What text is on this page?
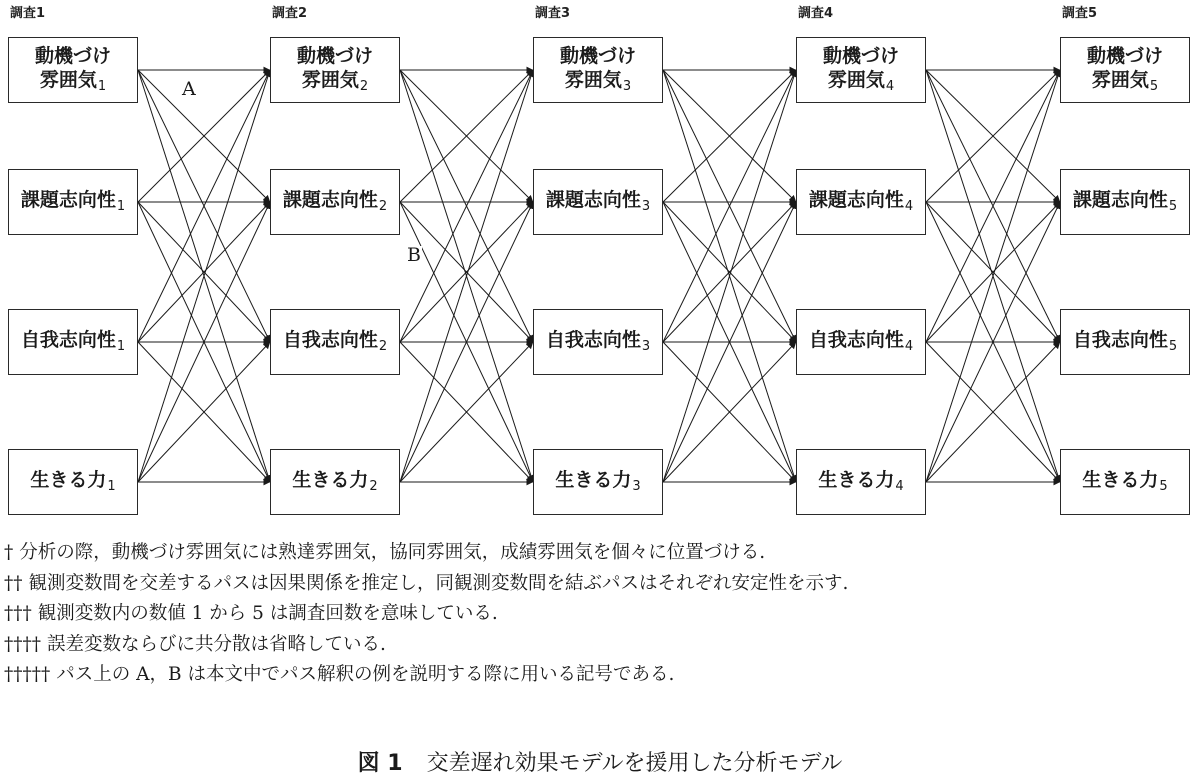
調査1	調査2	調査3	調査4	調査5
動機づけ
雰囲気$_1$
課題志向性$_1$
自我志向性$_1$
生きる力$_1$
動機づけ
雰囲気$_2$
課題志向性$_2$
自我志向性$_2$
生きる力$_2$
動機づけ
雰囲気$_3$
課題志向性$_3$
自我志向性$_3$
生きる力$_3$
動機づけ
雰囲気$_4$
課題志向性$_4$
自我志向性$_4$
生きる力$_4$
動機づけ
雰囲気$_5$
課題志向性$_5$
自我志向性$_5$
生きる力$_5$
A
B
† 分析の際，動機づけ雰囲気には熟達雰囲気，協同雰囲気，成績雰囲気を個々に位置づける.
†† 観測変数間を交差するパスは因果関係を推定し，同観測変数間を結ぶパスはそれぞれ安定性を示す.
††† 観測変数内の数値 1 から 5 は調査回数を意味している.
†††† 誤差変数ならびに共分散は省略している.
††††† パス上の A，B は本文中でパス解釈の例を説明する際に用いる記号である.
図 1 交差遅れ効果モデルを援用した分析モデル
